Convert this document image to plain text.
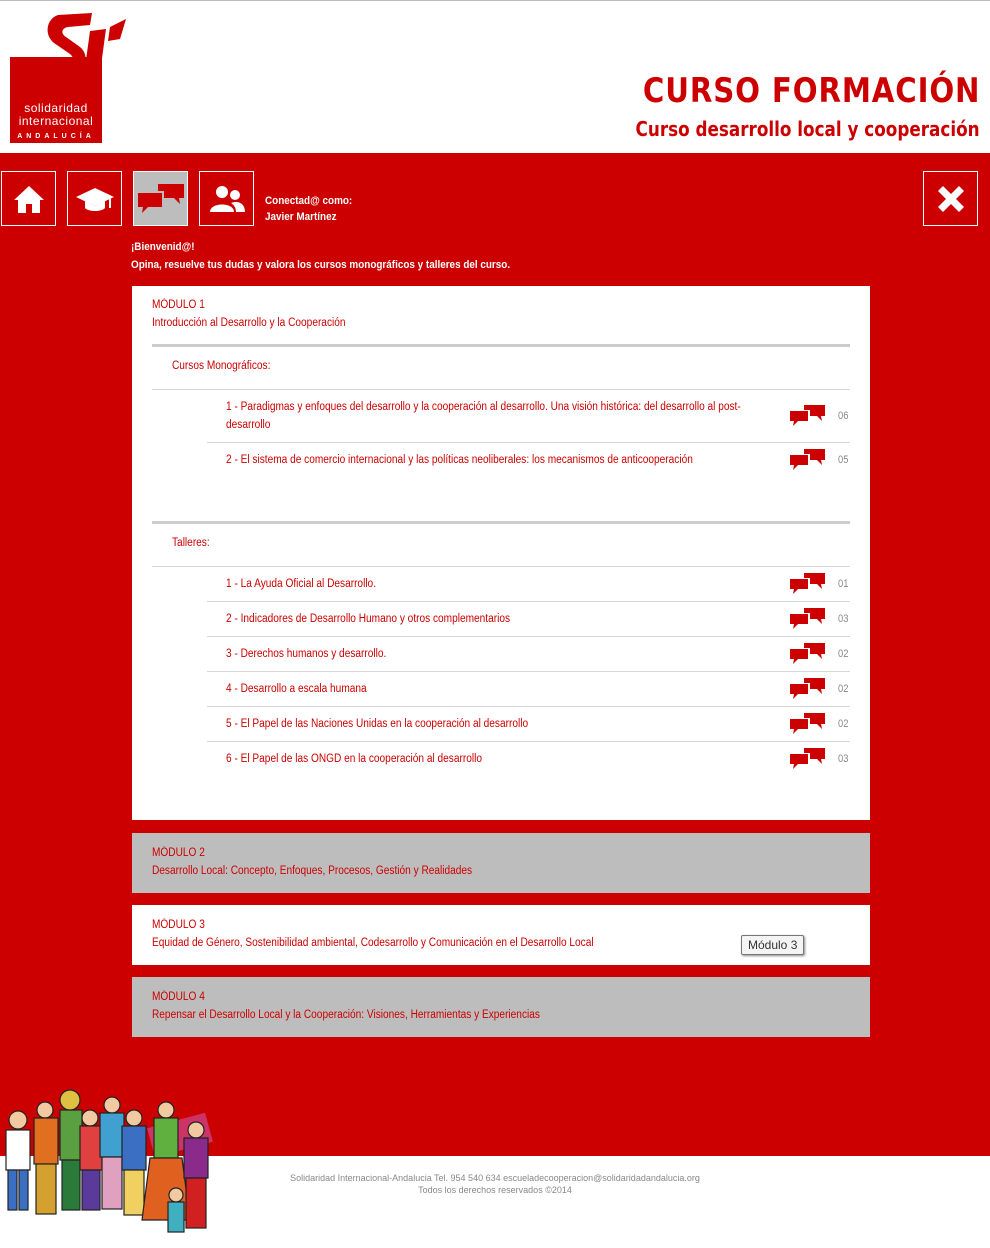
solidaridad
internacional
ANDALUCÍA
CURSO FORMACIÓN
Curso desarrollo local y cooperación
Conectad@ como:
Javier Martínez
¡Bienvenid@!
Opina, resuelve tus dudas y valora los cursos monográficos y talleres del curso.
MÓDULO 1
Introducción al Desarrollo y la Cooperación
Cursos Monográficos:
1 - Paradigmas y enfoques del desarrollo y la cooperación al desarrollo. Una visión histórica: del desarrollo al post-
desarrollo
06
2 - El sistema de comercio internacional y las políticas neoliberales: los mecanismos de anticooperación	05
Talleres:
1 - La Ayuda Oficial al Desarrollo.	01
2 - Indicadores de Desarrollo Humano y otros complementarios	03
3 - Derechos humanos y desarrollo.	02
4 - Desarrollo a escala humana	02
5 - El Papel de las Naciones Unidas en la cooperación al desarrollo	02
6 - El Papel de las ONGD en la cooperación al desarrollo	03
MÓDULO 2
Desarrollo Local: Concepto, Enfoques, Procesos, Gestión y Realidades
MÓDULO 3
Equidad de Género, Sostenibilidad ambiental, Codesarrollo y Comunicación en el Desarrollo Local	Módulo 3
MÓDULO 4
Repensar el Desarrollo Local y la Cooperación: Visiones, Herramientas y Experiencias
Solidaridad Internacional-Andalucia Tel. 954 540 634 escueladecooperacion@solidaridadandalucia.org
Todos los derechos reservados ©2014
